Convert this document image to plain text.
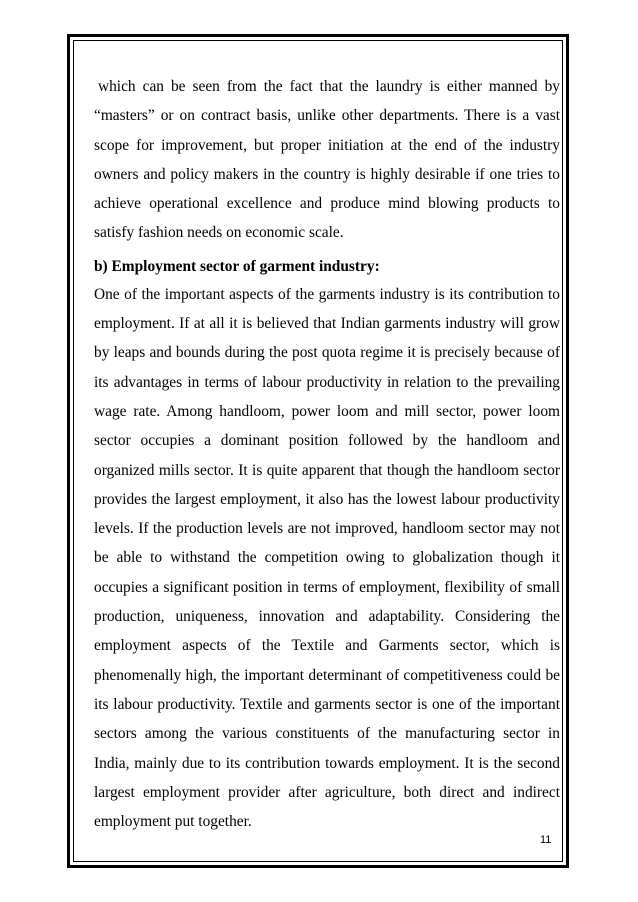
which can be seen from the fact that the laundry is either manned by “masters” or on contract basis, unlike other departments. There is a vast scope for improvement, but proper initiation at the end of the industry owners and policy makers in the country is highly desirable if one tries to achieve operational excellence and produce mind blowing products to satisfy fashion needs on economic scale.

b) Employment sector of garment industry:

One of the important aspects of the garments industry is its contribution to employment. If at all it is believed that Indian garments industry will grow by leaps and bounds during the post quota regime it is precisely because of its advantages in terms of labour productivity in relation to the prevailing wage rate. Among handloom, power loom and mill sector, power loom sector occupies a dominant position followed by the handloom and organized mills sector. It is quite apparent that though the handloom sector provides the largest employment, it also has the lowest labour productivity levels. If the production levels are not improved, handloom sector may not be able to withstand the competition owing to globalization though it occupies a significant position in terms of employment, flexibility of small production, uniqueness, innovation and adaptability. Considering the employment aspects of the Textile and Garments sector, which is phenomenally high, the important determinant of competitiveness could be its labour productivity. Textile and garments sector is one of the important sectors among the various constituents of the manufacturing sector in India, mainly due to its contribution towards employment. It is the second largest employment provider after agriculture, both direct and indirect employment put together.

11
